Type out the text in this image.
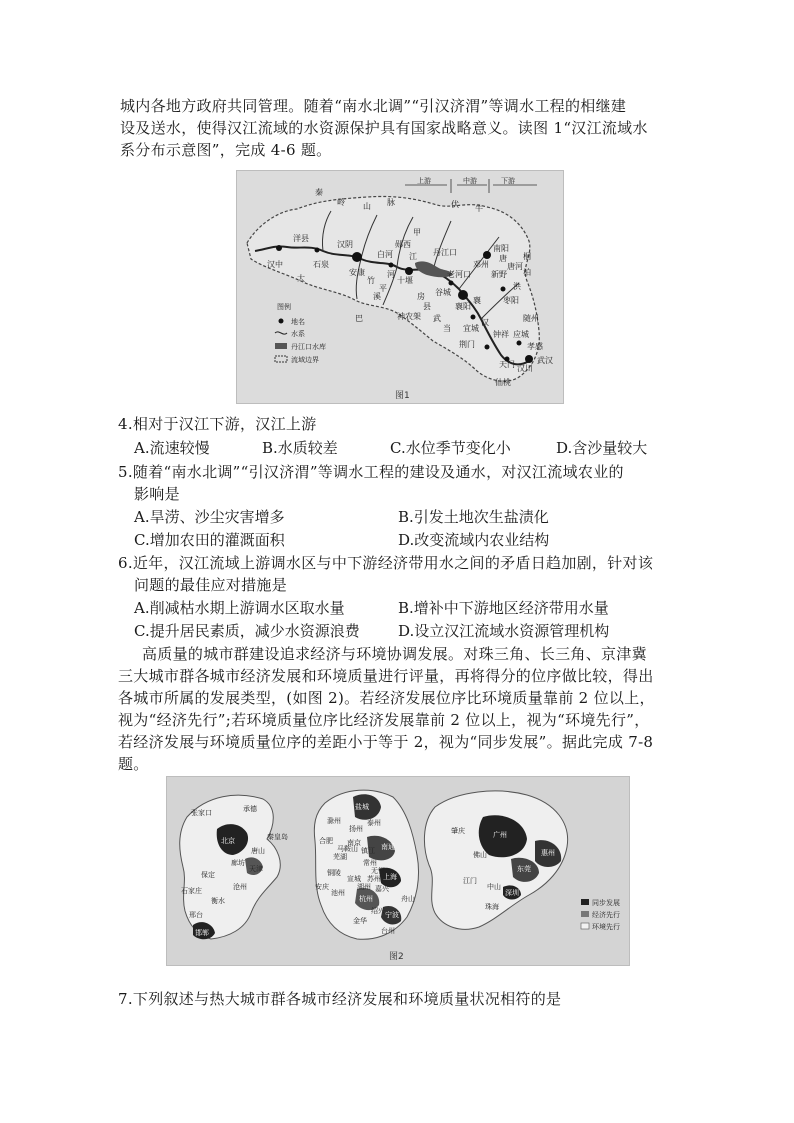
城内各地方政府共同管理。随着“南水北调”“引汉济渭”等调水工程的相继建
设及送水，使得汉江流域的水资源保护具有国家战略意义。读图 1“汉江流域水
系分布示意图”，完成 4-6 题。
上游	中游	下游
汉中
洋县
石泉
汉阴
安康
白河
郧西
十堰
丹江口
襄阳
老河口
谷城
南阳
唐河
枣阳
随州
宜城
神农架
钟祥
荆门
天门
仙桃
汉川
孝感
应城
武汉
新野
邓州
秦
岭 山 脉	伏 牛
桐
柏
大
洪
平
甲
竹
溪	房
县
巴	武
当
襄
江
汉
河
唐
图例
地名
水系
丹江口水库
流域边界
图1
4.相对于汉江下游，汉江上游
A.流速较慢	B.水质较差	C.水位季节变化小	D.含沙量较大
5.随着“南水北调”“引汉济渭”等调水工程的建设及通水，对汉江流域农业的
影响是
A.旱涝、沙尘灾害增多	B.引发土地次生盐渍化
C.增加农田的灌溉面积	D.改变流域内农业结构
6.近年，汉江流域上游调水区与中下游经济带用水之间的矛盾日趋加剧，针对该
问题的最佳应对措施是
A.削减枯水期上游调水区取水量	B.增补中下游地区经济带用水量
C.提升居民素质，减少水资源浪费	D.设立汉江流域水资源管理机构
高质量的城市群建设追求经济与环境协调发展。对珠三角、长三角、京津冀
三大城市群各城市经济发展和环境质量进行评量，再将得分的位序做比较，得出
各城市所属的发展类型，(如图 2)。若经济发展位序比环境质量靠前 2 位以上，
视为“经济先行”;若环境质量位序比经济发展靠前 2 位以上，视为“环境先行”，
若经济发展与环境质量位序的差距小于等于 2，视为“同步发展”。据此完成 7-8
题。
张家口	承德
北京
唐山
秦皇岛
廊坊
天津
保定
沧州
石家庄
衡水
邢台
邯郸
盐城
扬州
泰州
南通
滁州
合肥 南京
镇江
常州
芜湖
马鞍山
无锡
苏州 上海
铜陵
安庆
池州
宣城
湖州 嘉兴
杭州
绍兴 宁波
舟山
金华
台州
肇庆	广州
东莞
惠州
佛山
江门
中山
深圳
珠海	同步发展
经济先行
环境先行
图2
7.下列叙述与热大城市群各城市经济发展和环境质量状况相符的是
